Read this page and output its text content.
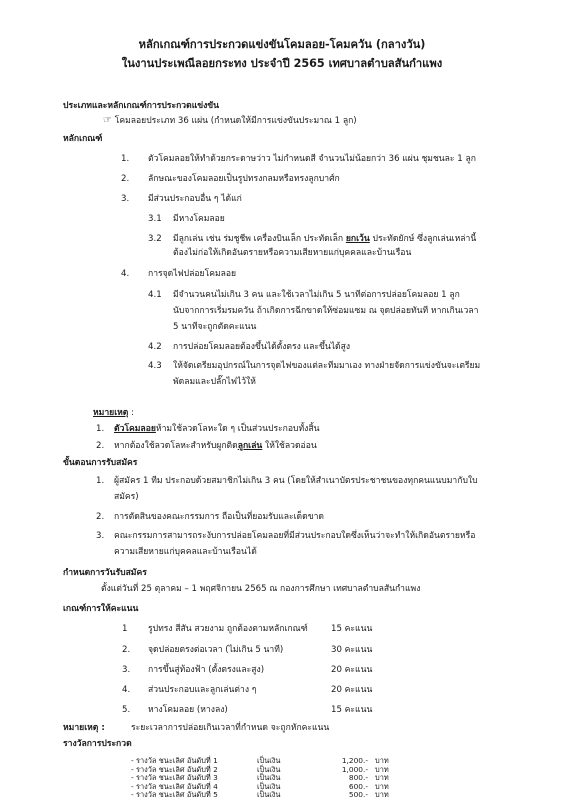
หลักเกณฑ์การประกวดแข่งขันโคมลอย-โคมควัน (กลางวัน)
ในงานประเพณีลอยกระทง ประจำปี 2565 เทศบาลตำบลสันกำแพง
ประเภทและหลักเกณฑ์การประกวดแข่งขัน
☞ โคมลอยประเภท 36 แผ่น (กำหนดให้มีการแข่งขันประมาณ 1 ลูก)
หลักเกณฑ์
1. ตัวโคมลอยให้ทำด้วยกระดาษว่าว ไม่กำหนดสี จำนวนไม่น้อยกว่า 36 แผ่น ชุมชนละ 1 ลูก
2. ลักษณะของโคมลอยเป็นรูปทรงกลมหรือทรงลูกบาศ์ก
3. มีส่วนประกอบอื่น ๆ ได้แก่
3.1 มีหางโคมลอย
3.2 มีลูกเล่น เช่น ร่มชูชีพ เครื่องบินเล็ก ประทัดเล็ก ยกเว้น ประทัดยักษ์ ซึ่งลูกเล่นเหล่านี้
ต้องไม่ก่อให้เกิดอันตรายหรือความเสียหายแก่บุคคลและบ้านเรือน
4. การจุดไฟปล่อยโคมลอย
4.1 มีจำนวนคนไม่เกิน 3 คน และใช้เวลาไม่เกิน 5 นาทีต่อการปล่อยโคมลอย 1 ลูก
นับจากการเริ่มรมควัน ถ้าเกิดการฉีกขาดให้ซ่อมแซม ณ จุดปล่อยทันที หากเกินเวลา
5 นาทีจะถูกตัดคะแนน
4.2 การปล่อยโคมลอยต้องขึ้นได้ตั้งตรง และขึ้นได้สูง
4.3 ให้จัดเตรียมอุปกรณ์ในการจุดไฟของแต่ละทีมมาเอง ทางฝ่ายจัดการแข่งขันจะเตรียม
พัดลมและปลั๊กไฟไว้ให้
หมายเหตุ :
1. ตัวโคมลอยห้ามใช้ลวดโลหะใด ๆ เป็นส่วนประกอบทั้งสิ้น
2. หากต้องใช้ลวดโลหะสำหรับผูกติดลูกเล่น ให้ใช้ลวดอ่อน
ขั้นตอนการรับสมัคร
1. ผู้สมัคร 1 ทีม ประกอบด้วยสมาชิกไม่เกิน 3 คน (โดยให้สำเนาบัตรประชาชนของทุกคนแนบมากับใบ
สมัคร)
2. การตัดสินของคณะกรรมการ ถือเป็นที่ยอมรับและเด็ดขาด
3. คณะกรรมการสามารถระงับการปล่อยโคมลอยที่มีส่วนประกอบใดซึ่งเห็นว่าจะทำให้เกิดอันตรายหรือ
ความเสียหายแก่บุคคลและบ้านเรือนได้
กำหนดการวันรับสมัคร
ตั้งแต่วันที่ 25 ตุลาคม – 1 พฤศจิกายน 2565 ณ กองการศึกษา เทศบาลตำบลสันกำแพง
เกณฑ์การให้คะแนน
1 รูปทรง สีสัน สวยงาม ถูกต้องตามหลักเกณฑ์	15 คะแนน
2. จุดปล่อยตรงต่อเวลา (ไม่เกิน 5 นาที)	30 คะแนน
3. การขึ้นสู่ท้องฟ้า (ตั้งตรงและสูง)	20 คะแนน
4. ส่วนประกอบและลูกเล่นต่าง ๆ	20 คะแนน
5. หางโคมลอย (หางลง)	15 คะแนน
หมายเหตุ :	ระยะเวลาการปล่อยเกินเวลาที่กำหนด จะถูกหักคะแนน
รางวัลการประกวด
- รางวัล ชนะเลิศ อันดับที่ 1	เป็นเงิน	1,200.- บาท
- รางวัล ชนะเลิศ อันดับที่ 2	เป็นเงิน	1,000.- บาท
- รางวัล ชนะเลิศ อันดับที่ 3	เป็นเงิน	800.- บาท
- รางวัล ชนะเลิศ อันดับที่ 4	เป็นเงิน	600.- บาท
- รางวัล ชนะเลิศ อันดับที่ 5	เป็นเงิน	500.- บาท
